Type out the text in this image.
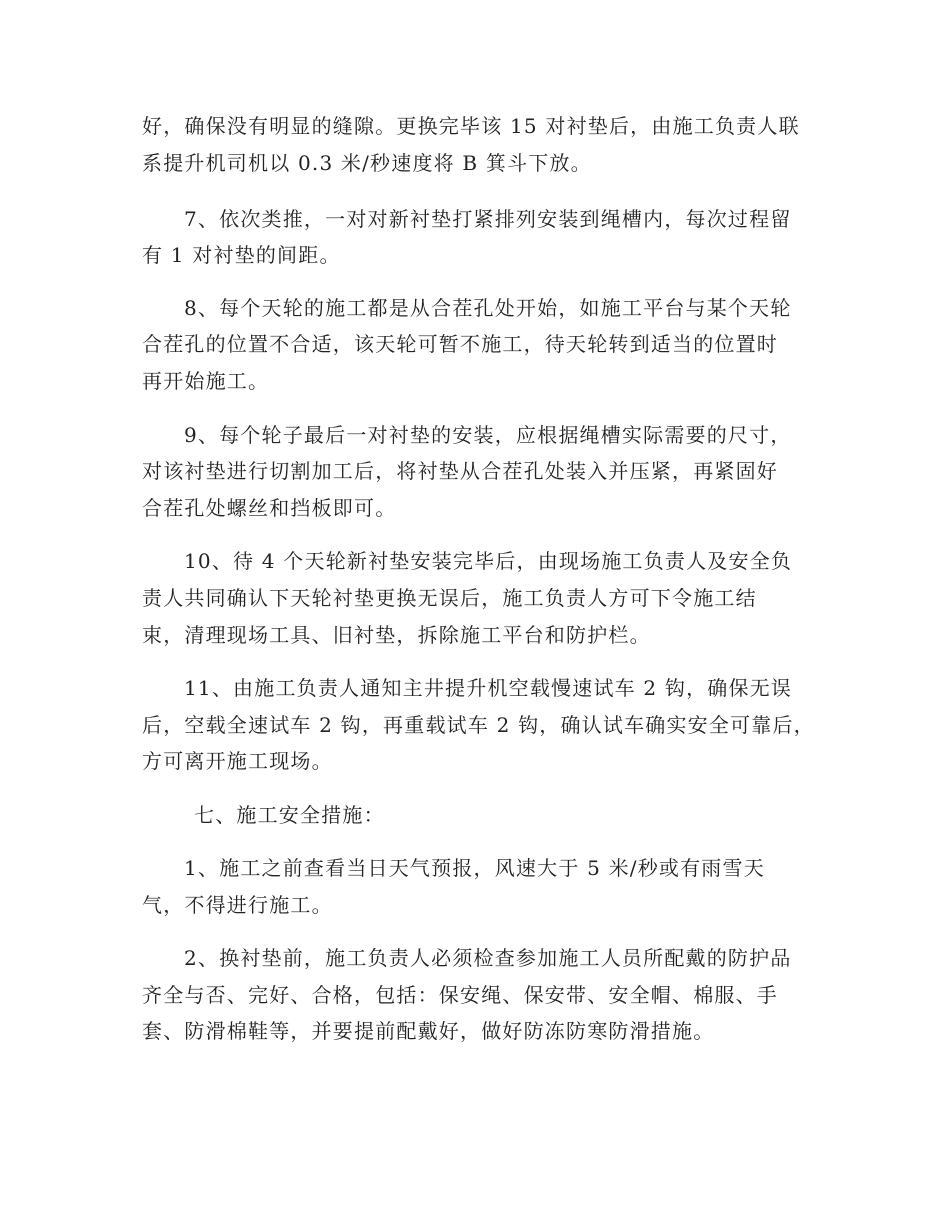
好，确保没有明显的缝隙。更换完毕该 15 对衬垫后，由施工负责人联
系提升机司机以 0.3 米/秒速度将 B 箕斗下放。
7、依次类推，一对对新衬垫打紧排列安装到绳槽内，每次过程留
有 1 对衬垫的间距。
8、每个天轮的施工都是从合茬孔处开始，如施工平台与某个天轮
合茬孔的位置不合适，该天轮可暂不施工，待天轮转到适当的位置时
再开始施工。
9、每个轮子最后一对衬垫的安装，应根据绳槽实际需要的尺寸，
对该衬垫进行切割加工后，将衬垫从合茬孔处装入并压紧，再紧固好
合茬孔处螺丝和挡板即可。
10、待 4 个天轮新衬垫安装完毕后，由现场施工负责人及安全负
责人共同确认下天轮衬垫更换无误后，施工负责人方可下令施工结
束，清理现场工具、旧衬垫，拆除施工平台和防护栏。
11、由施工负责人通知主井提升机空载慢速试车 2 钩，确保无误
后，空载全速试车 2 钩，再重载试车 2 钩，确认试车确实安全可靠后，
方可离开施工现场。
七、施工安全措施：
1、施工之前查看当日天气预报，风速大于 5 米/秒或有雨雪天
气，不得进行施工。
2、换衬垫前，施工负责人必须检查参加施工人员所配戴的防护品
齐全与否、完好、合格，包括：保安绳、保安带、安全帽、棉服、手
套、防滑棉鞋等，并要提前配戴好，做好防冻防寒防滑措施。
